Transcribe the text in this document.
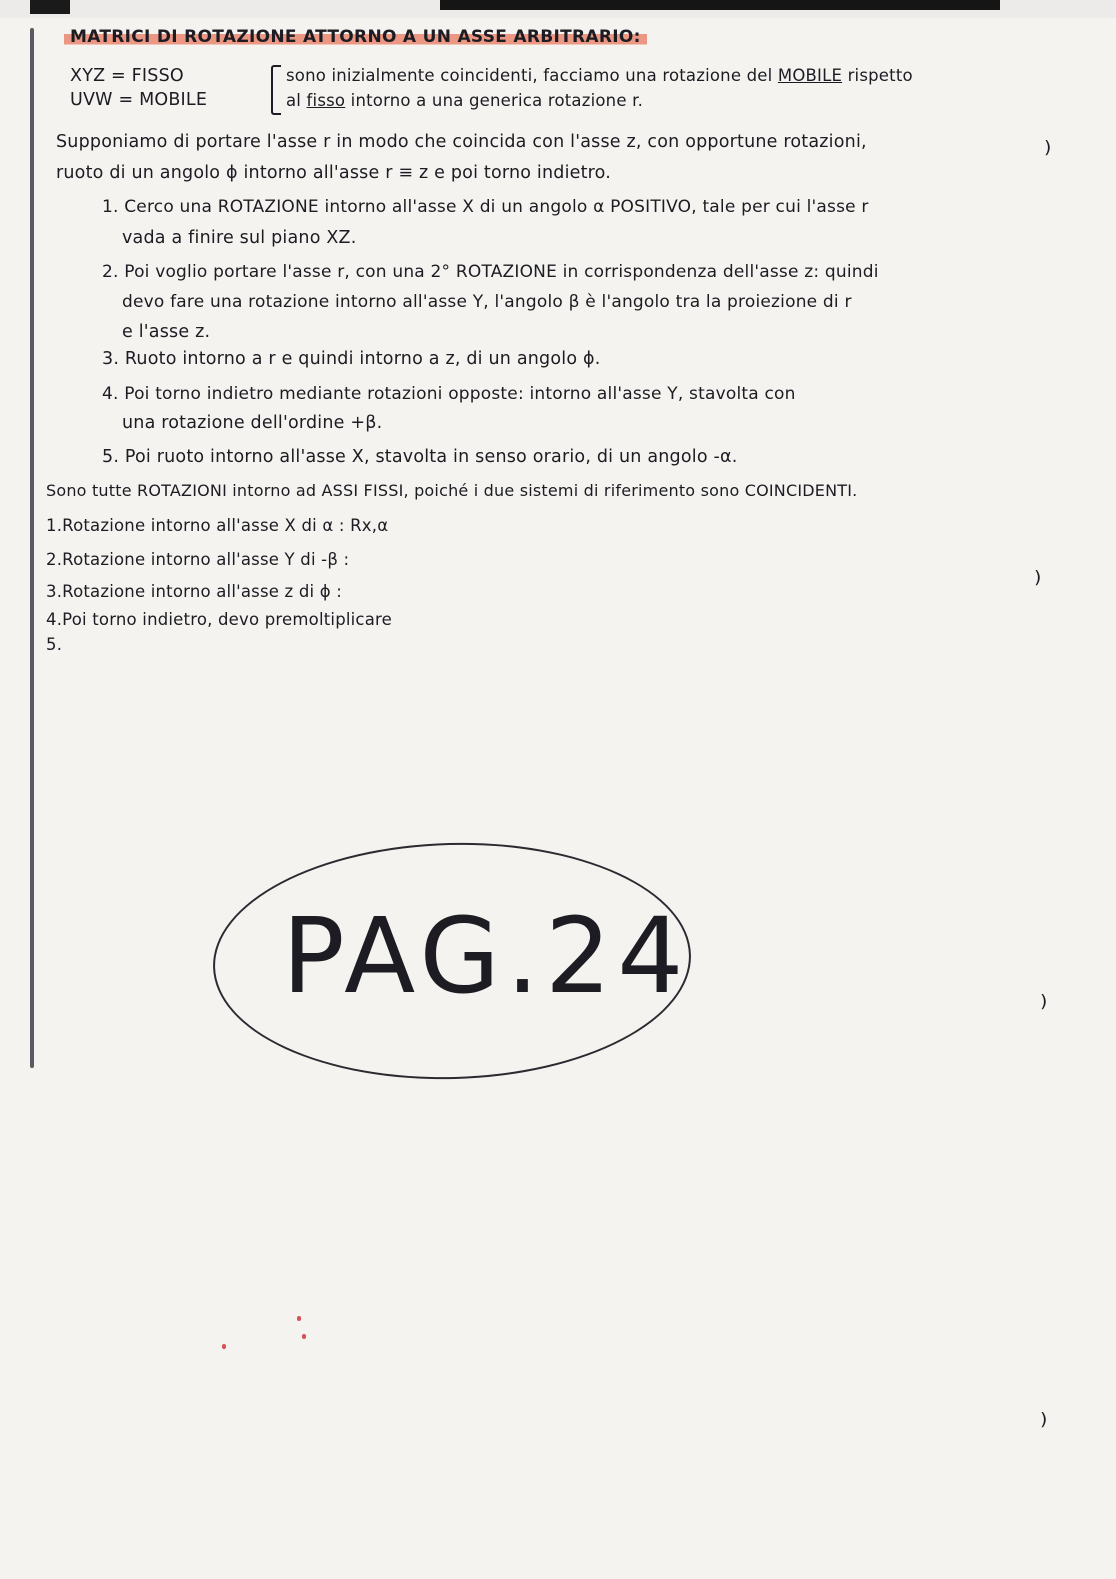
MATRICI DI ROTAZIONE ATTORNO A UN ASSE ARBITRARIO:
XYZ = FISSO
UVW = MOBILE
sono inizialmente coincidenti, facciamo una rotazione del MOBILE rispetto
al fisso intorno a una generica rotazione r.
Supponiamo di portare l'asse r in modo che coincida con l'asse z, con opportune rotazioni,
ruoto di un angolo ϕ intorno all'asse r ≡ z e poi torno indietro.
1. Cerco una ROTAZIONE intorno all'asse X di un angolo α POSITIVO, tale per cui l'asse r
vada a finire sul piano XZ.
2. Poi voglio portare l'asse r, con una 2° ROTAZIONE in corrispondenza dell'asse z: quindi
devo fare una rotazione intorno all'asse Y, l'angolo β è l'angolo tra la proiezione di r
e l'asse z.
3. Ruoto intorno a r e quindi intorno a z, di un angolo ϕ.
4. Poi torno indietro mediante rotazioni opposte: intorno all'asse Y, stavolta con
una rotazione dell'ordine +β.
5. Poi ruoto intorno all'asse X, stavolta in senso orario, di un angolo -α.
Sono tutte ROTAZIONI intorno ad ASSI FISSI, poiché i due sistemi di riferimento sono COINCIDENTI.
1.Rotazione intorno all'asse X di α : Rx,α
2.Rotazione intorno all'asse Y di -β :
3.Rotazione intorno all'asse z di ϕ :
4.Poi torno indietro, devo premoltiplicare
5.
⁾
⁾
⁾
⁾
PAG.24
